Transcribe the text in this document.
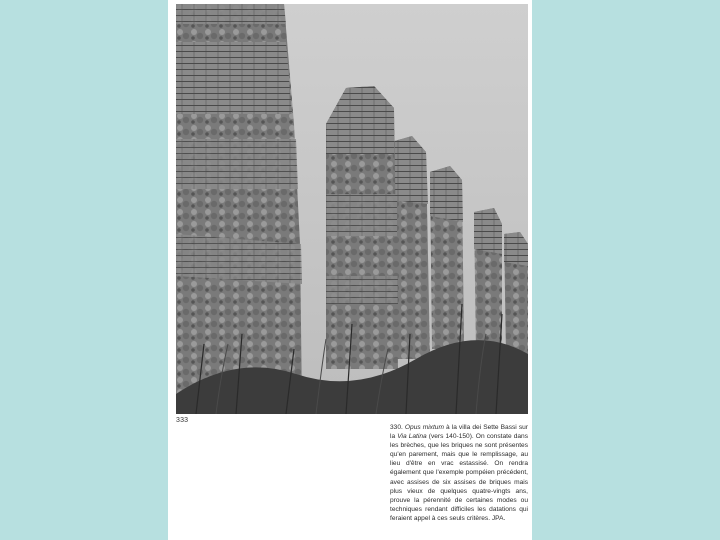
333
330. Opus mixtum à la villa dei Sette Bassi sur la Via Latina (vers 140-150). On constate dans les brèches, que les briques ne sont présentes qu'en parement, mais que le remplissage, au lieu d'être en vrac estassisé. On rendra également que l'exemple pompéien précédent, avec assises de six assises de briques mais plus vieux de quelques quatre-vingts ans, prouve la pérennité de certaines modes ou techniques rendant difficiles les datations qui feraient appel à ces seuls critères. JPA.
